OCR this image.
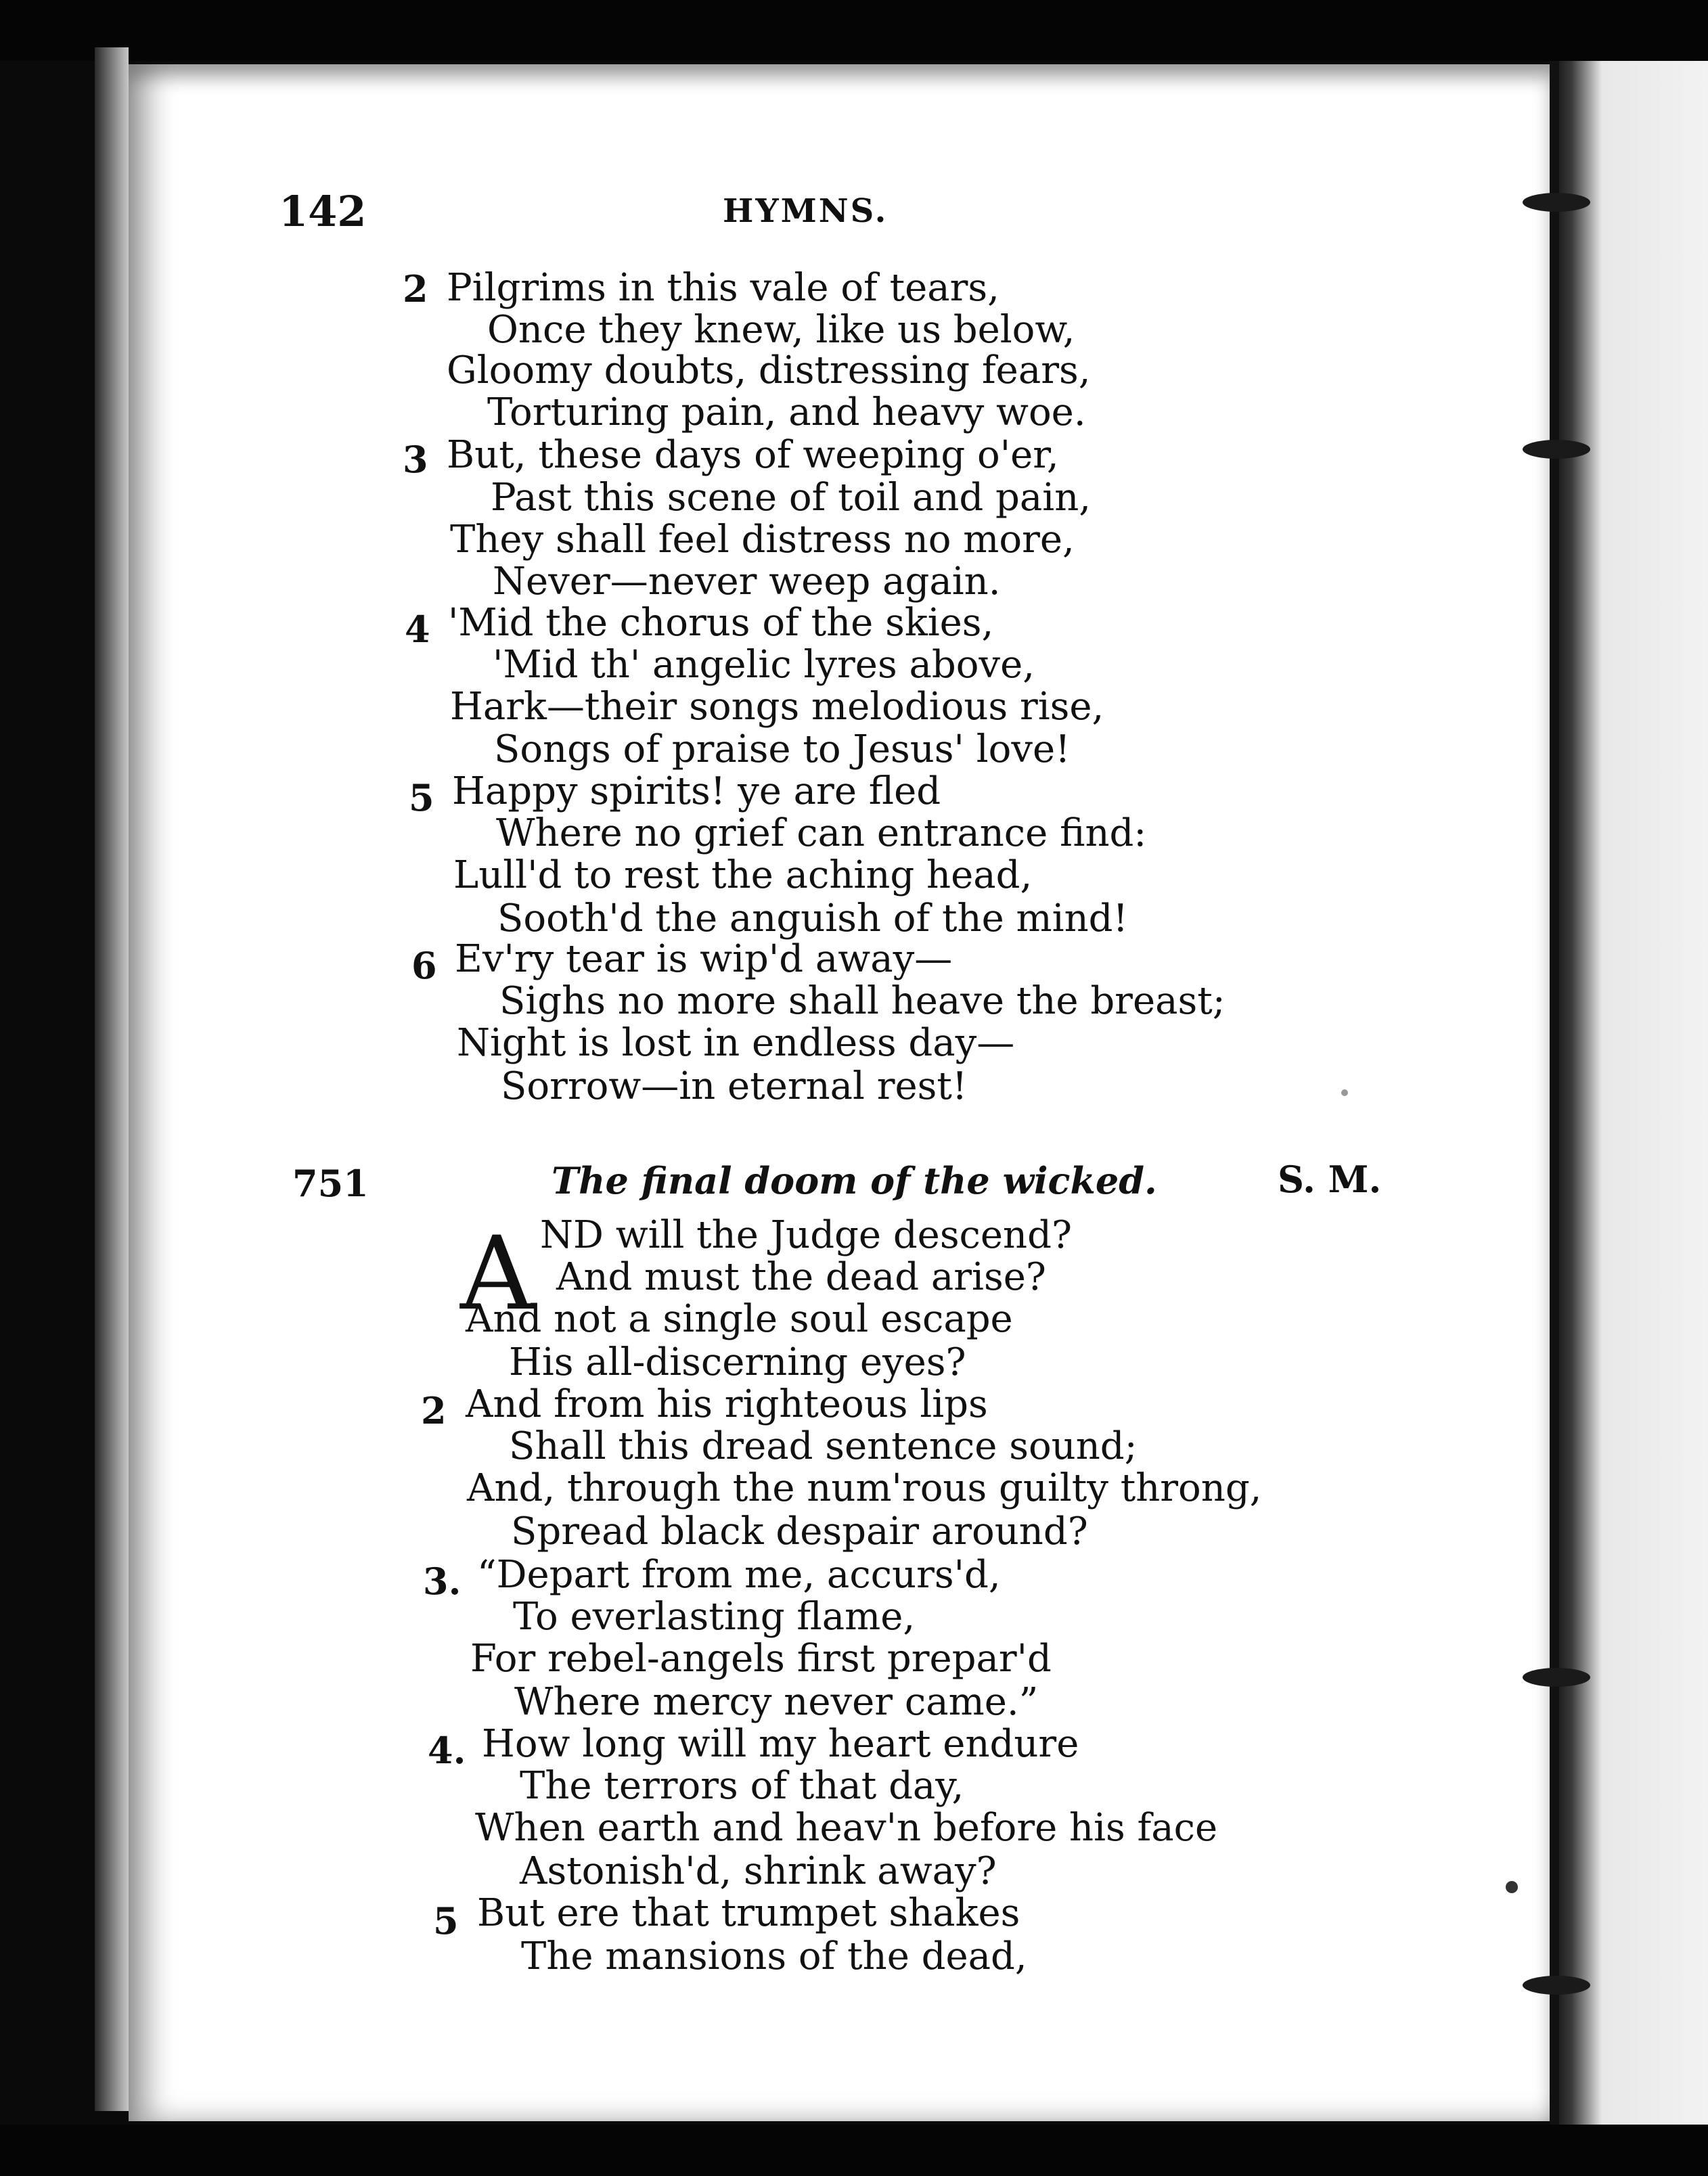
142	HYMNS.
2 Pilgrims in this vale of tears,
Once they knew, like us below,
Gloomy doubts, distressing fears,
Torturing pain, and heavy woe.
3 But, these days of weeping o'er,
Past this scene of toil and pain,
They shall feel distress no more,
Never—never weep again.
4 'Mid the chorus of the skies,
'Mid th' angelic lyres above,
Hark—their songs melodious rise,
Songs of praise to Jesus' love!
5 Happy spirits! ye are fled
Where no grief can entrance find:
Lull'd to rest the aching head,
Sooth'd the anguish of the mind!
6 Ev'ry tear is wip'd away—
Sighs no more shall heave the breast;
Night is lost in endless day—
Sorrow—in eternal rest!
751	The final doom of the wicked.	S. M.
A ND will the Judge descend?
And must the dead arise?
And not a single soul escape
His all-discerning eyes?
2 And from his righteous lips
Shall this dread sentence sound;
And, through the num'rous guilty throng,
Spread black despair around?
3. “Depart from me, accurs'd,
To everlasting flame,
For rebel-angels first prepar'd
Where mercy never came.”
4. How long will my heart endure
The terrors of that day,
When earth and heav'n before his face
Astonish'd, shrink away?
5 But ere that trumpet shakes
The mansions of the dead,
